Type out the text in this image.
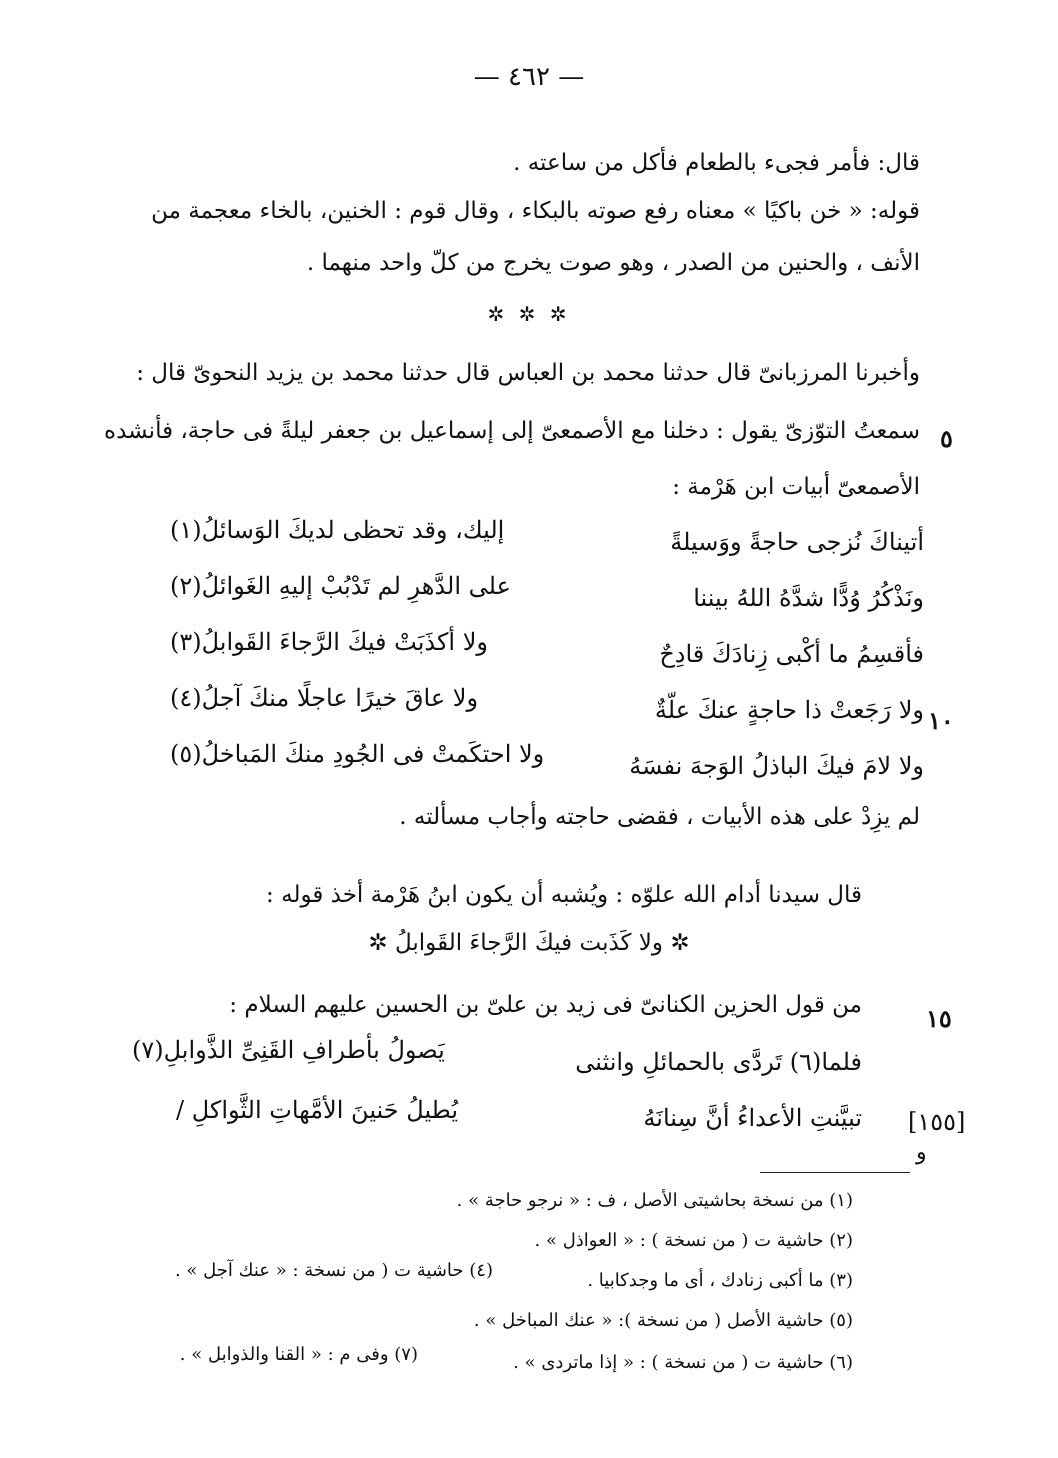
— ٤٦٢ —
قال: فأمر فجىء بالطعام فأكل من ساعته .
قوله: « خن باكيًا » معناه رفع صوته بالبكاء ، وقال قوم : الخنين، بالخاء معجمة من
الأنف ، والحنين من الصدر ، وهو صوت يخرج من كلّ واحد منهما .
✲ ✲ ✲
وأخبرنا المرزبانىّ قال حدثنا محمد بن العباس قال حدثنا محمد بن يزيد النحوىّ قال :
سمعتُ التوّزىّ يقول : دخلنا مع الأصمعىّ إلى إسماعيل بن جعفر ليلةً فى حاجة، فأنشده ٥
الأصمعىّ أبيات ابن هَرْمة :
أتيناكَ نُزجى حاجةً ووَسيلةً
إليك، وقد تحظى لديكَ الوَسائلُ(١)
ونَذْكُرُ وُدًّا شدَّهُ اللهُ بيننا
على الدَّهرِ لم تَدْبُبْ إليهِ الغَوائلُ(٢)
فأقسِمُ ما أكْبى زِنادَكَ قادِحٌ
ولا أكذَبَتْ فيكَ الرَّجاءَ القَوابلُ(٣)
ولا رَجَعتْ ذا حاجةٍ عنكَ علّةٌ
ولا عاقَ خيرًا عاجلًا منكَ آجلُ(٤)
١٠
ولا لامَ فيكَ الباذلُ الوَجهَ نفسَهُ
ولا احتكَمتْ فى الجُودِ منكَ المَباخلُ(٥)
لم يزِدْ على هذه الأبيات ، فقضى حاجته وأجاب مسألته .
قال سيدنا أدام الله علوّه : ويُشبه أن يكون ابنُ هَرْمة أخذ قوله :
✲ ولا كَذَبت فيكَ الرَّجاءَ القَوابلُ ✲
من قول الحزين الكنانىّ فى زيد بن علىّ بن الحسين عليهم السلام :	١٥
فلما(٦) تَردَّى بالحمائلِ وانثنى
يَصولُ بأطرافِ القَنِىِّ الذَّوابلِ(٧)
تبيَّنتِ الأعداءُ أنَّ سِنانَهُ
يُطيلُ حَنينَ الأمَّهاتِ الثَّواكلِ /	[١٥٥]
و
(١) من نسخة بحاشيتى الأصل ، ف : « نرجو حاجة » .
(٢) حاشية ت ( من نسخة ) : « العواذل » .
(٣) ما أكبى زنادك ، أى ما وجدكابيا .
(٤) حاشية ت ( من نسخة : « عنك آجل » .
(٥) حاشية الأصل ( من نسخة ): « عنك المباخل » .
(٦) حاشية ت ( من نسخة ) : « إذا ماتردى » .
(٧) وفى م : « القنا والذوابل » .
